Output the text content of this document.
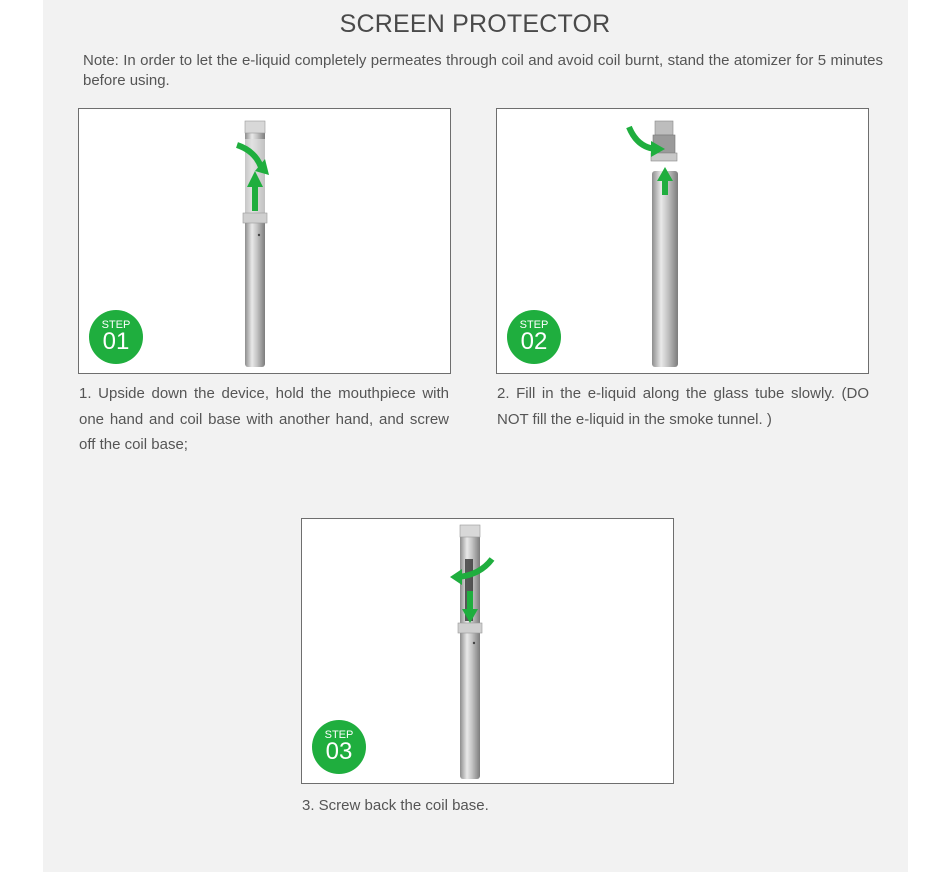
SCREEN PROTECTOR
Note: In order to let the e-liquid completely permeates through coil and avoid coil burnt, stand the atomizer for 5 minutes before using.
STEP
01
1. Upside down the device, hold the mouthpiece with one hand and coil base with another hand, and screw off the coil base;
STEP
02
2. Fill in the e-liquid along the glass tube slowly. (DO NOT fill the e-liquid in the smoke tunnel. )
STEP
03
3. Screw back the coil base.
